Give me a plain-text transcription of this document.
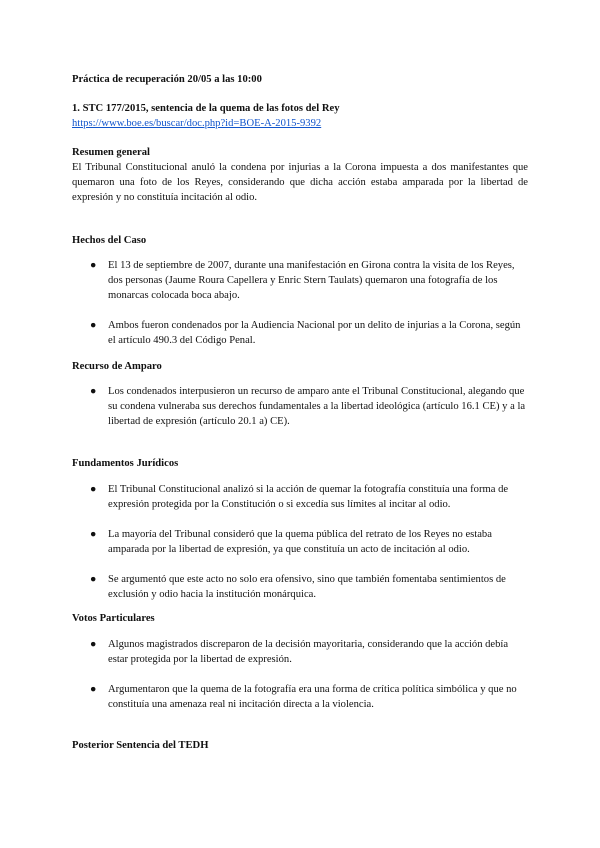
Práctica de recuperación 20/05 a las 10:00

1. STC 177/2015, sentencia de la quema de las fotos del Rey

https://www.boe.es/buscar/doc.php?id=BOE-A-2015-9392

Resumen general

El Tribunal Constitucional anuló la condena por injurias a la Corona impuesta a dos manifestantes que quemaron una foto de los Reyes, considerando que dicha acción estaba amparada por la libertad de expresión y no constituía incitación al odio.

Hechos del Caso

● El 13 de septiembre de 2007, durante una manifestación en Girona contra la visita de los Reyes, dos personas (Jaume Roura Capellera y Enric Stern Taulats) quemaron una fotografía de los monarcas colocada boca abajo.
● Ambos fueron condenados por la Audiencia Nacional por un delito de injurias a la Corona, según el artículo 490.3 del Código Penal.

Recurso de Amparo

● Los condenados interpusieron un recurso de amparo ante el Tribunal Constitucional, alegando que su condena vulneraba sus derechos fundamentales a la libertad ideológica (artículo 16.1 CE) y a la libertad de expresión (artículo 20.1 a) CE).

Fundamentos Jurídicos

● El Tribunal Constitucional analizó si la acción de quemar la fotografía constituía una forma de expresión protegida por la Constitución o si excedía sus límites al incitar al odio.
● La mayoría del Tribunal consideró que la quema pública del retrato de los Reyes no estaba amparada por la libertad de expresión, ya que constituía un acto de incitación al odio.
● Se argumentó que este acto no solo era ofensivo, sino que también fomentaba sentimientos de exclusión y odio hacia la institución monárquica.

Votos Particulares

● Algunos magistrados discreparon de la decisión mayoritaria, considerando que la acción debía estar protegida por la libertad de expresión.
● Argumentaron que la quema de la fotografía era una forma de crítica política simbólica y que no constituía una amenaza real ni incitación directa a la violencia.

Posterior Sentencia del TEDH
